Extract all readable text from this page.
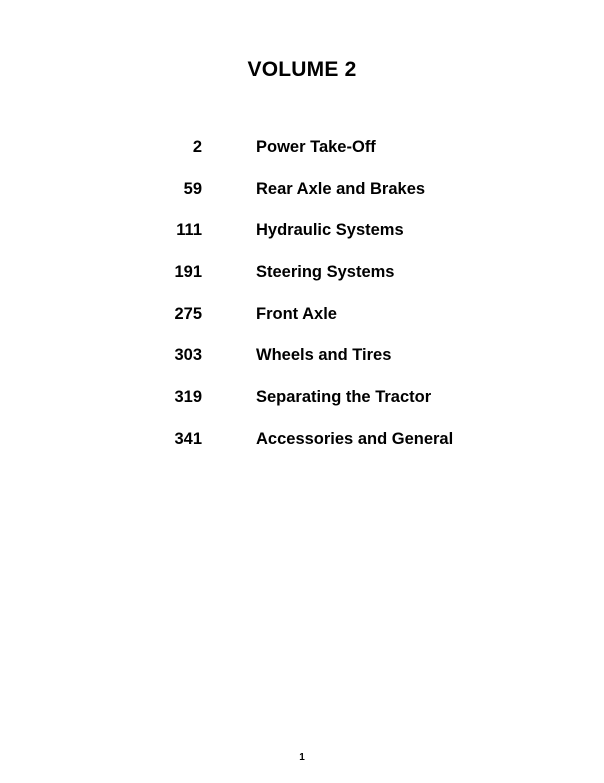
VOLUME 2
2	Power Take-Off
59	Rear Axle and Brakes
111	Hydraulic Systems
191	Steering Systems
275	Front Axle
303	Wheels and Tires
319	Separating the Tractor
341	Accessories and General
1
